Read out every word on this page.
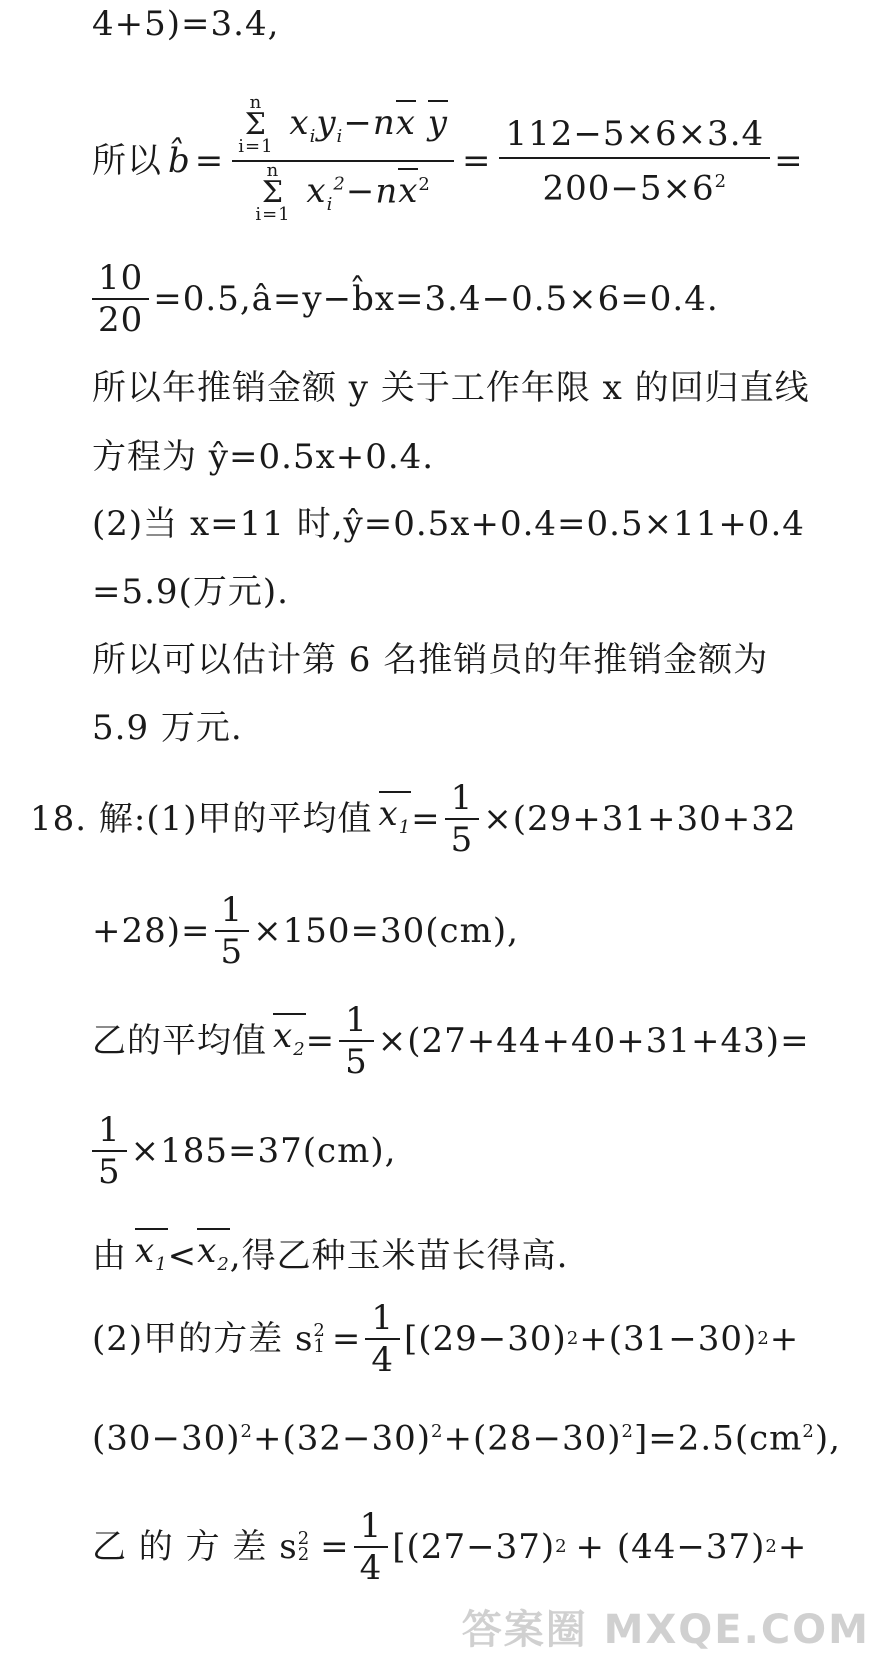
4+5)=3.4,
所以 b̂ = n
Σ
i=1
$x_iy_i-nx$ y
n
Σ
i=1
$x_i^2-nx^2 = \frac{112-5\times 6\times 3.4}{200-5\times 6^2}$ =
$\frac{10}{20}$ =0.5,â=y−b̂x=3.4−0.5×6=0.4.
所以年推销金额 y 关于工作年限 x 的回归直线
方程为 ŷ=0.5x+0.4.
(2)当 x=11 时,ŷ=0.5x+0.4=0.5×11+0.4
=5.9(万元).
所以可以估计第 6 名推销员的年推销金额为
5.9 万元.
18. 解:(1)甲的平均值 $x_1 = \frac{1}{5} \times(29+31+30+32$
$+28)= \frac{1}{5} \times 150=30(cm)$,
乙的平均值 $x_2 = \frac{1}{5} \times(27+44+40+31+43)=$
$\frac{1}{5} \times 185=37(cm)$,
由 $x_1 < x_2$ ,得乙种玉米苗长得高.
(2)甲的方差 s 2
$1 = \frac{1}{4} [(29-30)$ 2 +(31−30) 2 +
$(30-30)^2+(32-30)^2+(28-30)^2]=2.5(cm^2)$,
乙 的 方 差 s 2
$2 = \frac{1}{4} [(27-37) 2 + (44-37) 2$ +
答案圈 MXQE.COM
